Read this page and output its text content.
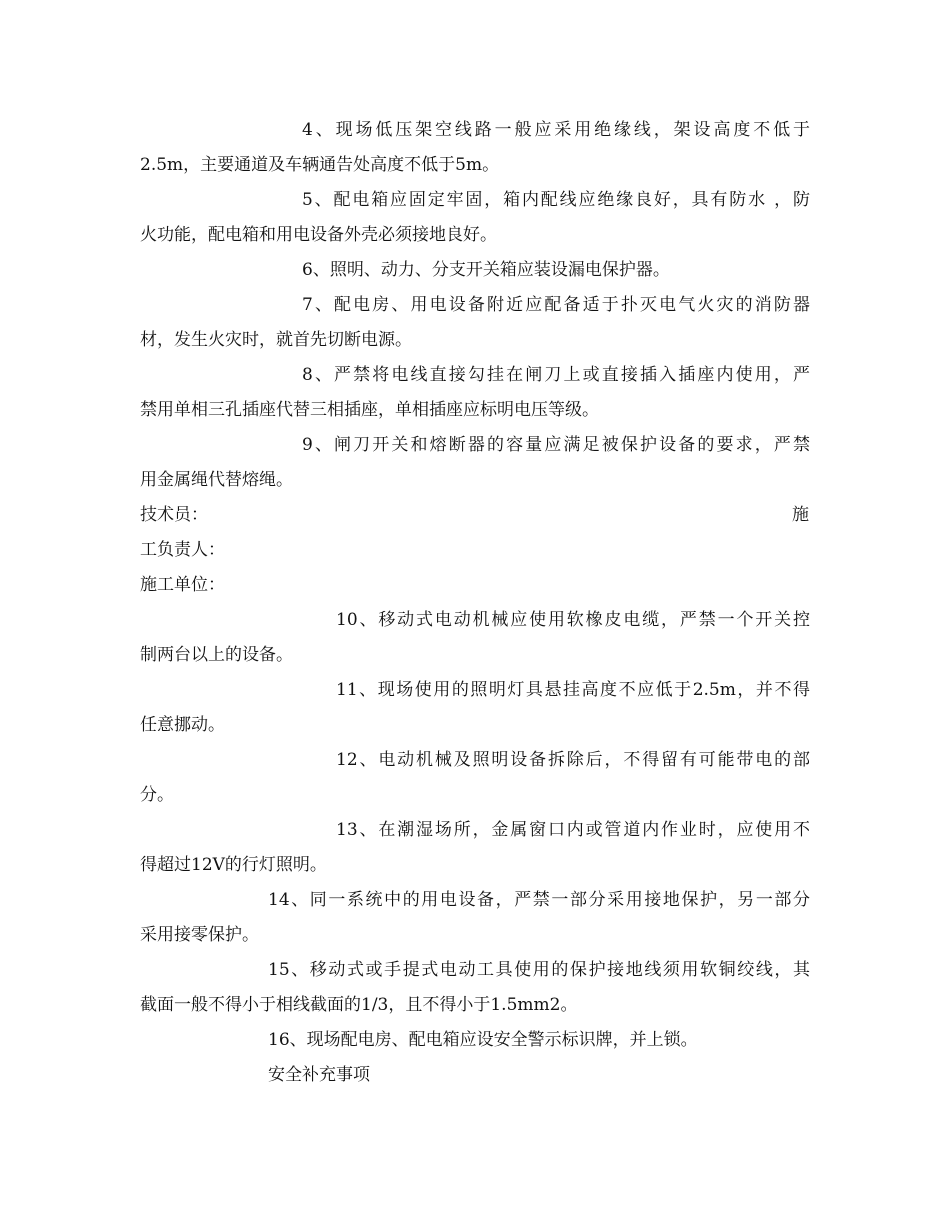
4、现场低压架空线路一般应采用绝缘线，架设高度不低于
2.5m，主要通道及车辆通告处高度不低于5m。
5、配电箱应固定牢固，箱内配线应绝缘良好，具有防水 ，防
火功能，配电箱和用电设备外壳必须接地良好。
6、照明、动力、分支开关箱应装设漏电保护器。
7、配电房、用电设备附近应配备适于扑灭电气火灾的消防器
材，发生火灾时，就首先切断电源。
8、严禁将电线直接勾挂在闸刀上或直接插入插座内使用，严
禁用单相三孔插座代替三相插座，单相插座应标明电压等级。
9、闸刀开关和熔断器的容量应满足被保护设备的要求，严禁
用金属绳代替熔绳。
技术员：	施
工负责人：
施工单位：
10、移动式电动机械应使用软橡皮电缆，严禁一个开关控
制两台以上的设备。
11、现场使用的照明灯具悬挂高度不应低于2.5m，并不得
任意挪动。
12、电动机械及照明设备拆除后，不得留有可能带电的部
分。
13、在潮湿场所，金属窗口内或管道内作业时，应使用不
得超过12V的行灯照明。
14、同一系统中的用电设备，严禁一部分采用接地保护，另一部分
采用接零保护。
15、移动式或手提式电动工具使用的保护接地线须用软铜绞线，其
截面一般不得小于相线截面的1/3，且不得小于1.5mm2。
16、现场配电房、配电箱应设安全警示标识牌，并上锁。
安全补充事项
